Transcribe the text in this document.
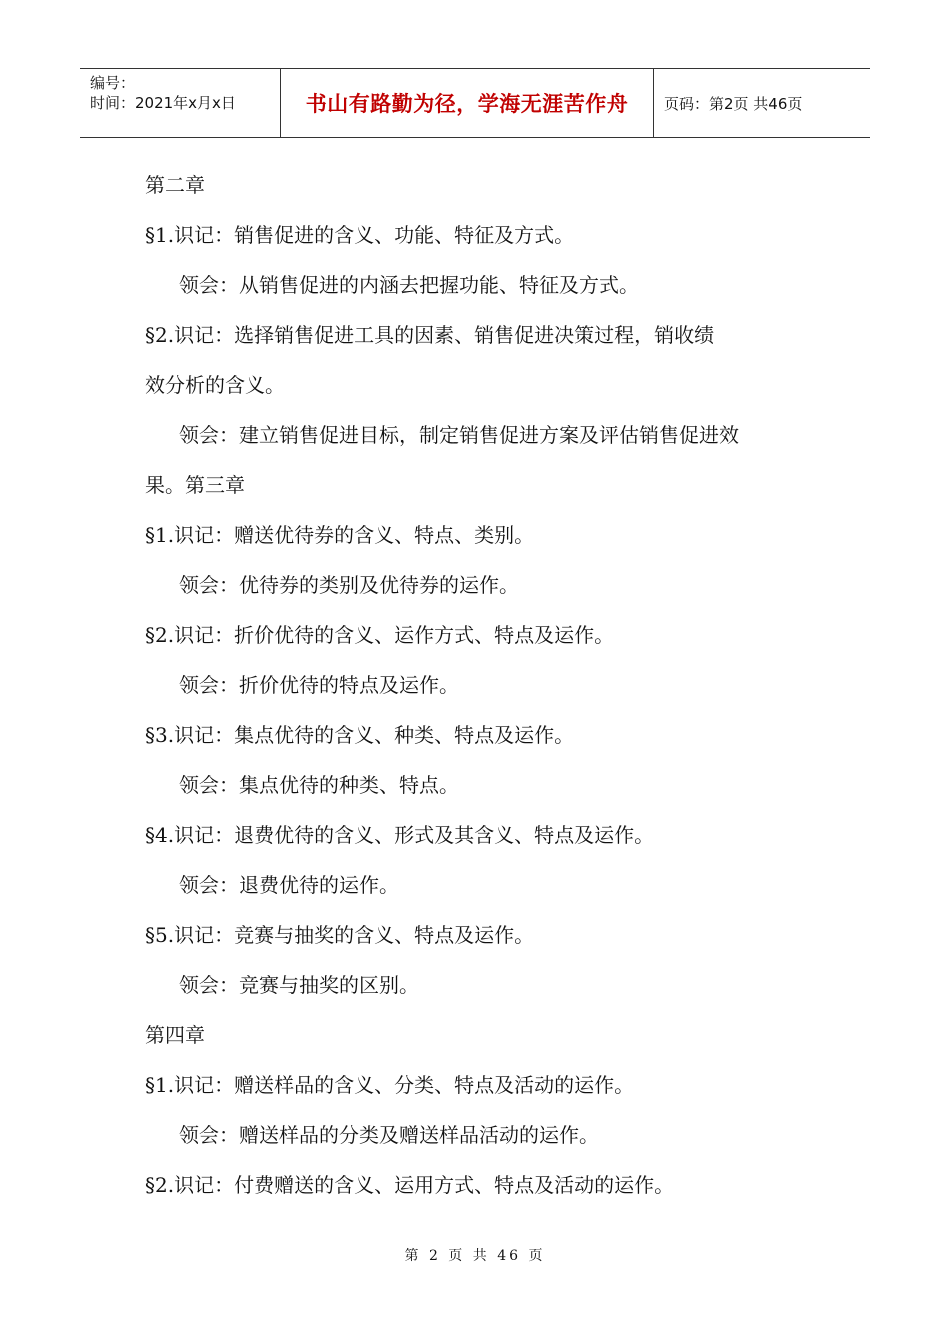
编号：
时间：2021年x月x日	书山有路勤为径，学海无涯苦作舟	页码：第2页 共46页

第二章

§1.识记：销售促进的含义、功能、特征及方式。

领会：从销售促进的内涵去把握功能、特征及方式。

§2.识记：选择销售促进工具的因素、销售促进决策过程，销收绩

效分析的含义。

领会：建立销售促进目标，制定销售促进方案及评估销售促进效

果。第三章

§1.识记：赠送优待券的含义、特点、类别。

领会：优待券的类别及优待券的运作。

§2.识记：折价优待的含义、运作方式、特点及运作。

领会：折价优待的特点及运作。

§3.识记：集点优待的含义、种类、特点及运作。

领会：集点优待的种类、特点。

§4.识记：退费优待的含义、形式及其含义、特点及运作。

领会：退费优待的运作。

§5.识记：竞赛与抽奖的含义、特点及运作。

领会：竞赛与抽奖的区别。

第四章

§1.识记：赠送样品的含义、分类、特点及活动的运作。

领会：赠送样品的分类及赠送样品活动的运作。

§2.识记：付费赠送的含义、运用方式、特点及活动的运作。

第 2 页 共 46 页
